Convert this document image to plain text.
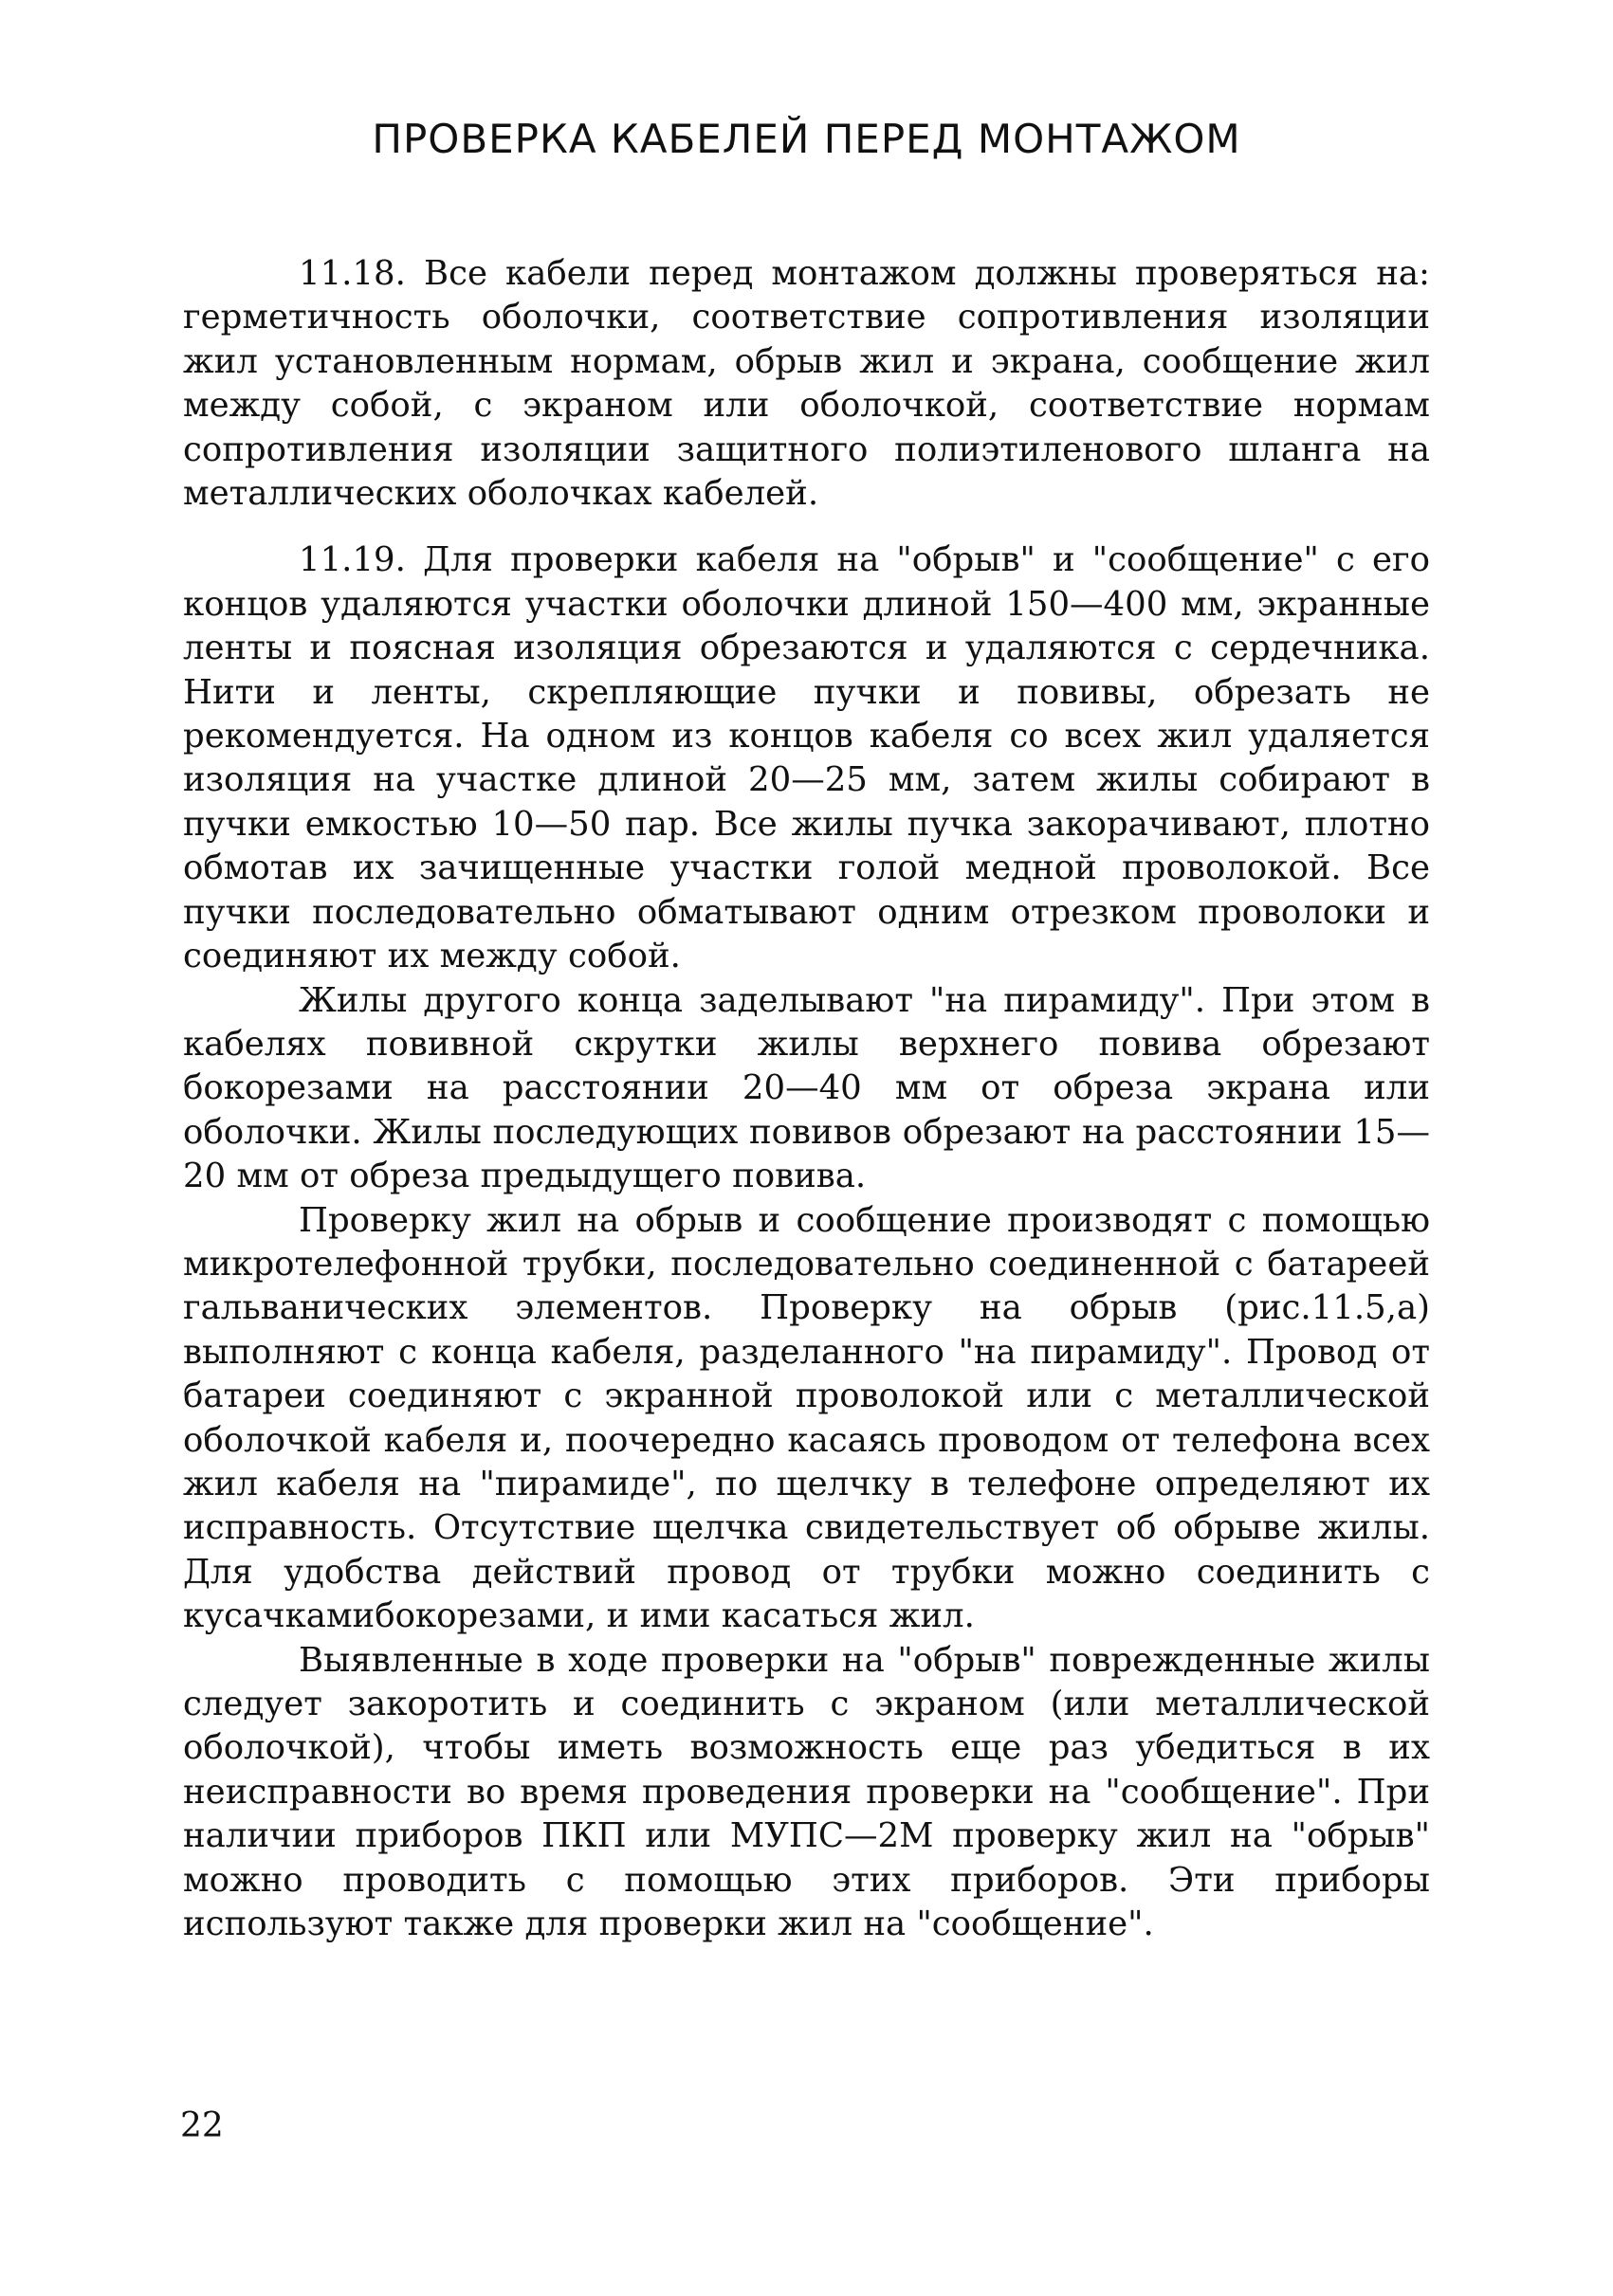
ПРОВЕРКА КАБЕЛЕЙ ПЕРЕД МОНТАЖОМ

11.18. Все кабели перед монтажом должны проверяться на: герметичность оболочки, соответствие сопротивления изоляции жил установленным нормам, обрыв жил и экрана, сообщение жил между собой, с экраном или оболочкой, соответствие нормам сопротивления изоляции защитного полиэтиленового шланга на металлических оболочках кабелей.

11.19. Для проверки кабеля на "обрыв" и "сообщение" с его концов удаляются участки оболочки длиной 150—400 мм, экранные ленты и поясная изоляция обрезаются и удаляются с сердечника. Нити и ленты, скрепляющие пучки и повивы, обрезать не рекомендуется. На одном из концов кабеля со всех жил удаляется изоляция на участке длиной 20—25 мм, затем жилы собирают в пучки емкостью 10—50 пар. Все жилы пучка закорачивают, плотно обмотав их зачищенные участки голой медной проволокой. Все пучки последовательно обматывают одним отрезком проволоки и соединяют их между собой.

Жилы другого конца заделывают "на пирамиду". При этом в кабелях повивной скрутки жилы верхнего повива обрезают бокорезами на расстоянии 20—40 мм от обреза экрана или оболочки. Жилы последующих повивов обрезают на расстоянии 15—20 мм от обреза предыдущего повива.

Проверку жил на обрыв и сообщение производят с помощью микротелефонной трубки, последовательно соединенной с батареей гальванических элементов. Проверку на обрыв (рис.11.5,а) выполняют с конца кабеля, разделанного "на пирамиду". Провод от батареи соединяют с экранной проволокой или с металлической оболочкой кабеля и, поочередно касаясь проводом от телефона всех жил кабеля на "пирамиде", по щелчку в телефоне определяют их исправность. Отсутствие щелчка свидетельствует об обрыве жилы. Для удобства действий провод от трубки можно соединить с кусачкамибокорезами, и ими касаться жил.

Выявленные в ходе проверки на "обрыв" поврежденные жилы следует закоротить и соединить с экраном (или металлической оболочкой), чтобы иметь возможность еще раз убедиться в их неисправности во время проведения проверки на "сообщение". При наличии приборов ПКП или МУПС—2М проверку жил на "обрыв" можно проводить с помощью этих приборов. Эти приборы используют также для проверки жил на "сообщение".

22
